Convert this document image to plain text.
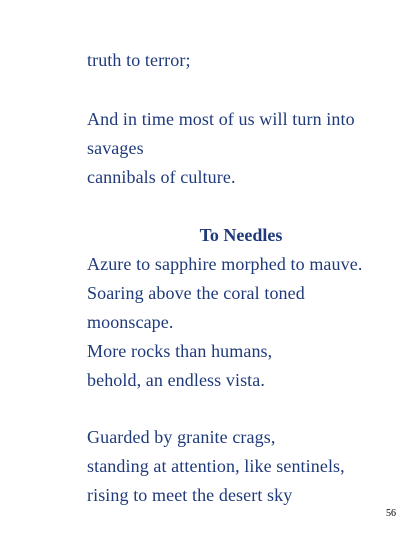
truth to terror;
And in time most of us will turn into
savages
cannibals of culture.
To Needles
Azure to sapphire morphed to mauve.
Soaring above the coral toned
moonscape.
More rocks than humans,
behold, an endless vista.
Guarded by granite crags,
standing at attention, like sentinels,
rising to meet the desert sky
56
